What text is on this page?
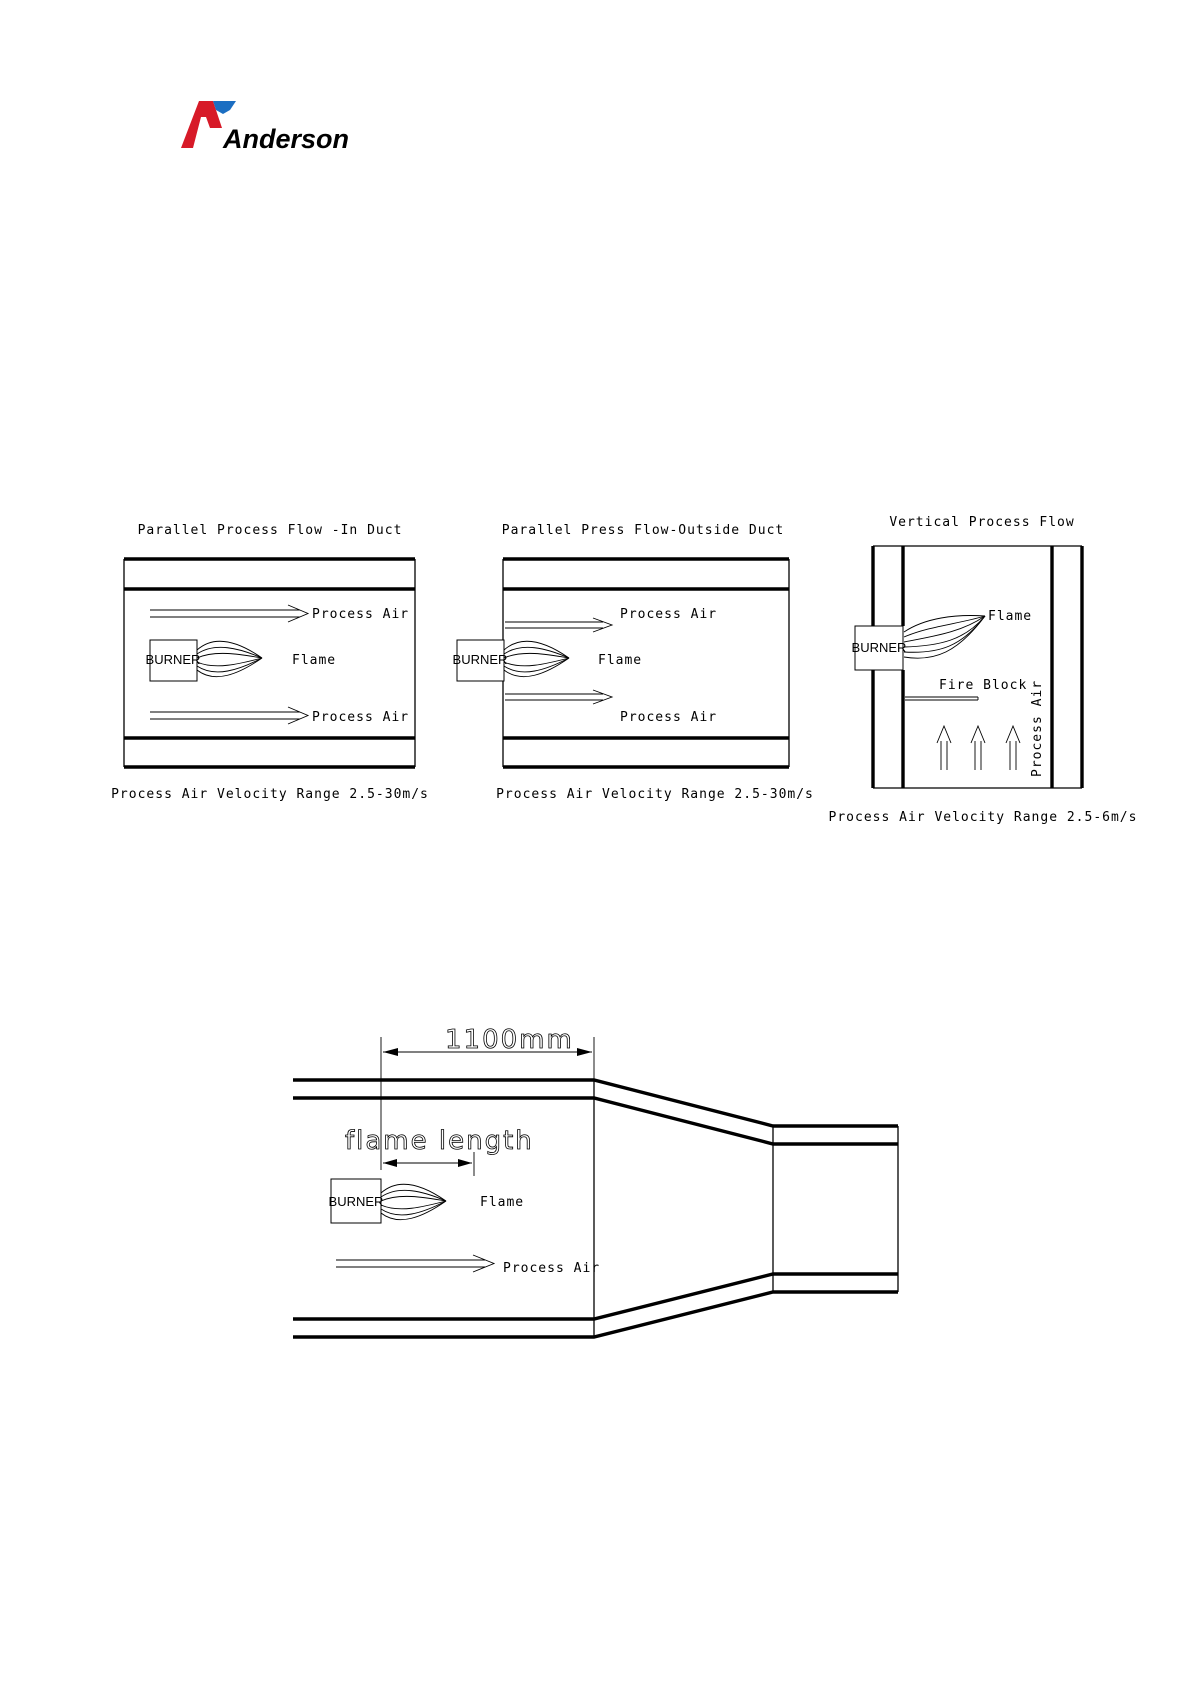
Anderson
Parallel Process Flow -In Duct
Process Air
BURNER	Flame
Process Air
Process Air Velocity Range 2.5-30m/s
Parallel Press Flow-Outside Duct
Process Air
BURNER	Flame
Process Air
Process Air Velocity Range 2.5-30m/s
Vertical Process Flow
BURNER
Flame
Fire Block Process Air
Process Air Velocity Range 2.5-6m/s
1100mm
flame length
BURNER	Flame
Process Air
